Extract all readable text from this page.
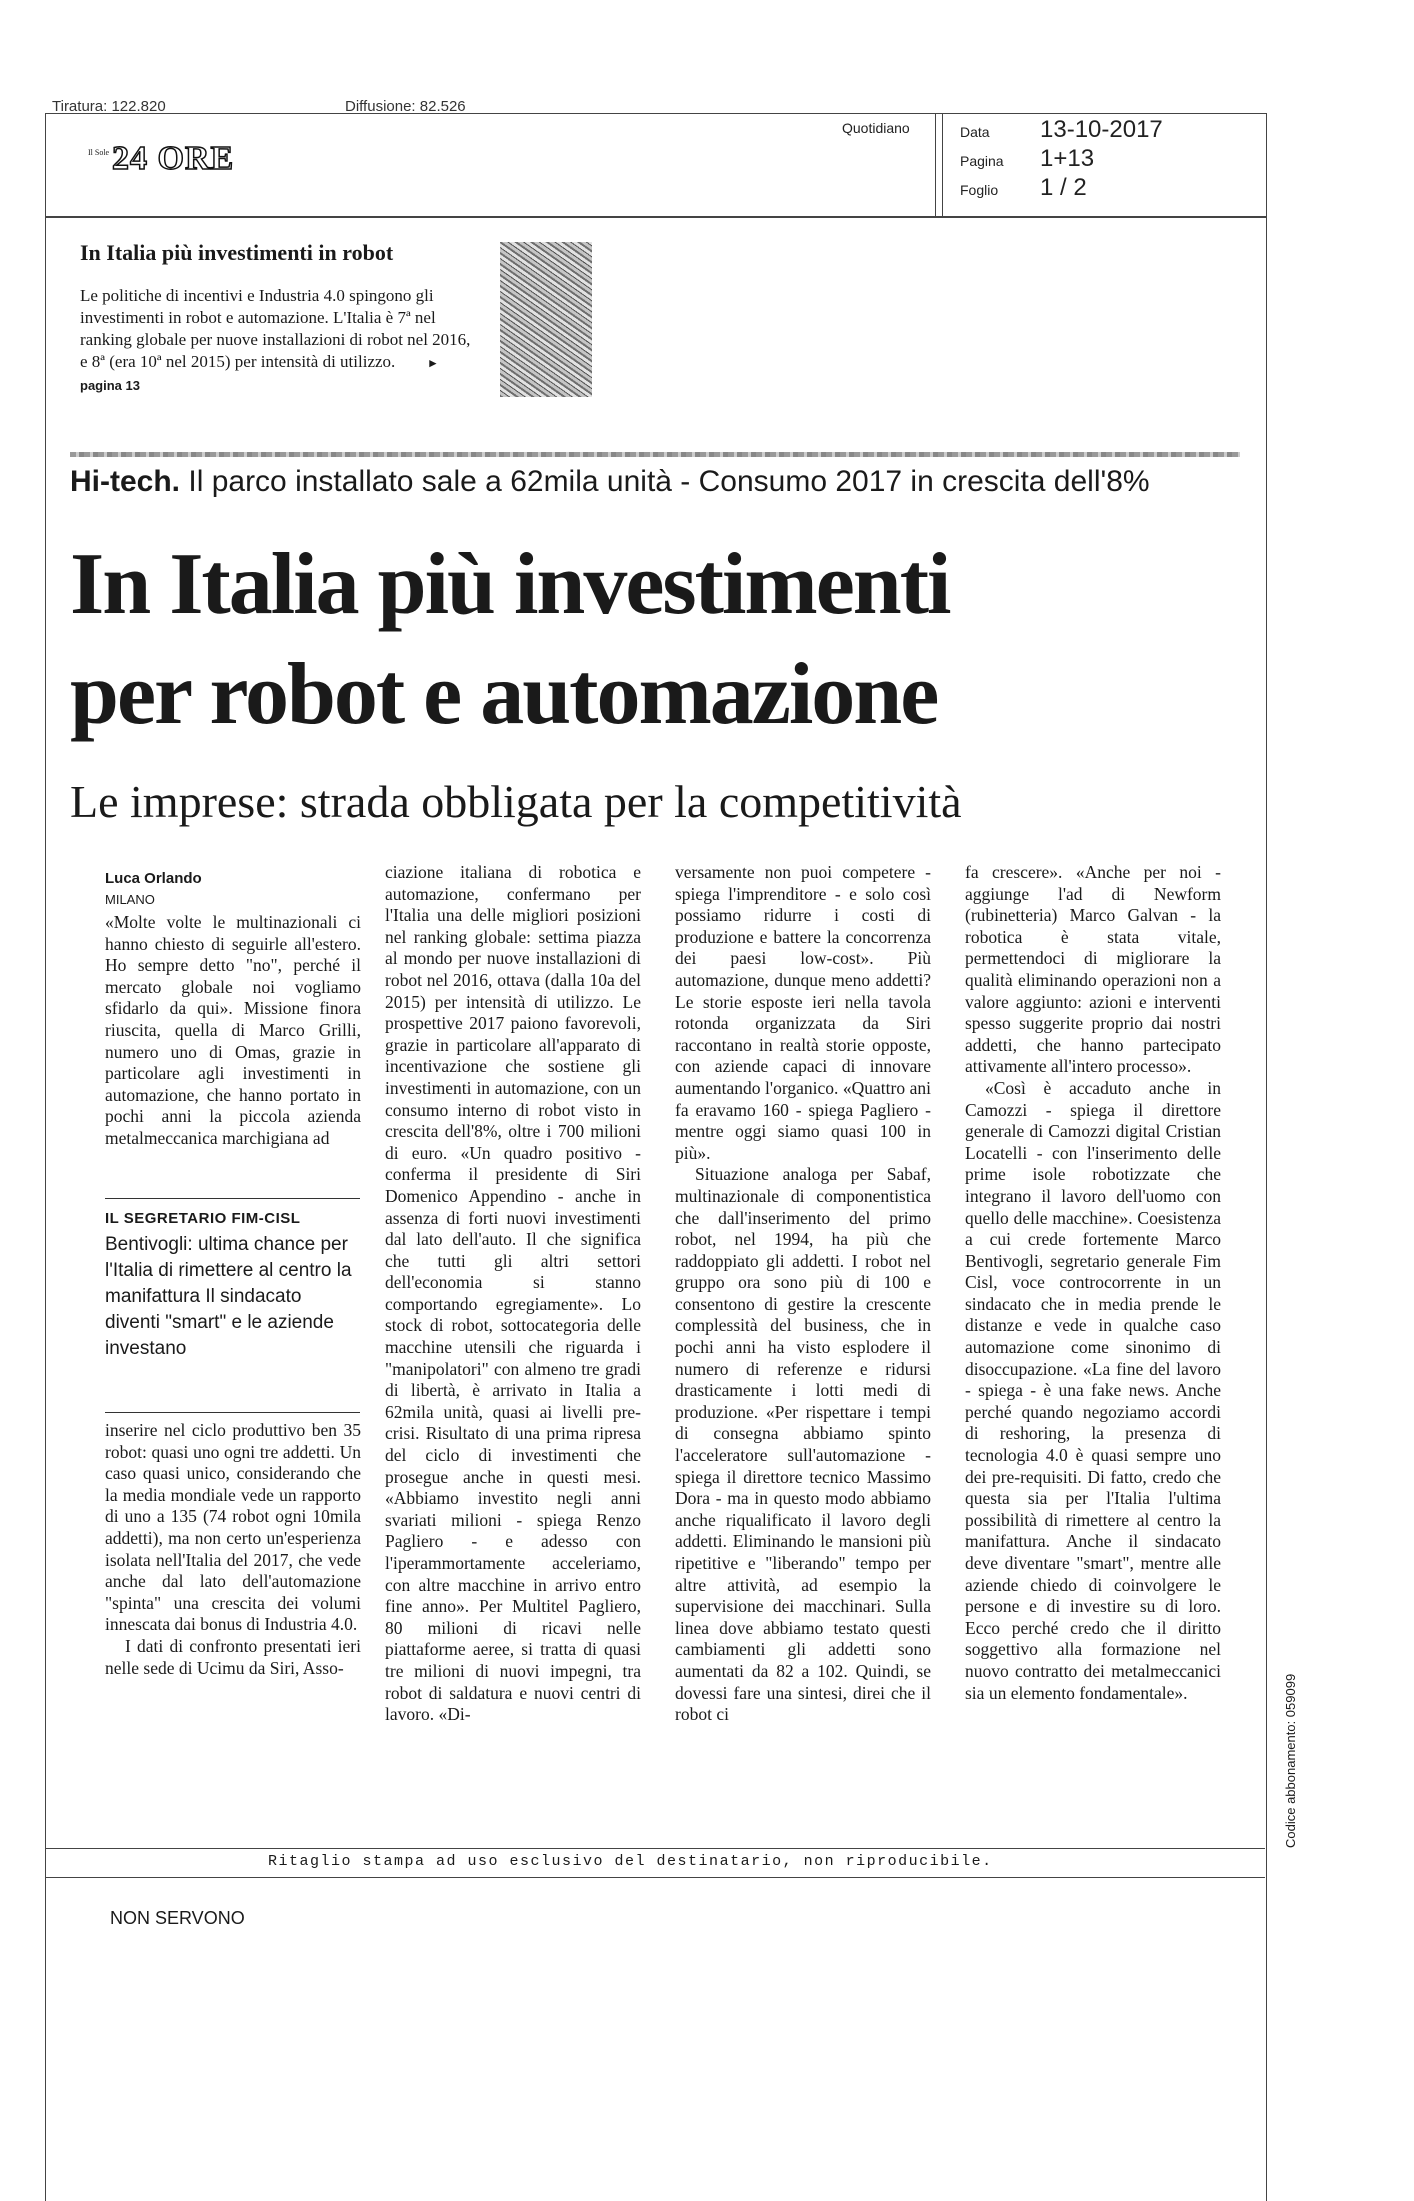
Tiratura: 122.820	Diffusione: 82.526
Il Sole 24 ORE
Quotidiano	Data 13-10-2017
Pagina 1+13
Foglio 1 / 2
In Italia più investimenti in robot
Le politiche di incentivi e Industria 4.0 spingono gli investimenti in robot e automazione. L'Italia è 7ª nel ranking globale per nuove installazioni di robot nel 2016, e 8ª (era 10ª nel 2015) per intensità di utilizzo.	▸ pagina 13
Hi-tech. Il parco installato sale a 62mila unità - Consumo 2017 in crescita dell'8%
In Italia più investimenti
per robot e automazione
Le imprese: strada obbligata per la competitività
Luca Orlando
MILANO

«Molte volte le multinazionali ci hanno chiesto di seguirle all'estero. Ho sempre detto "no", perché il mercato globale noi vogliamo sfidarlo da qui». Missione finora riuscita, quella di Marco Grilli, numero uno di Omas, grazie in particolare agli investimenti in automazione, che hanno portato in pochi anni la piccola azienda metalmeccanica marchigiana ad

IL SEGRETARIO FIM-CISL
Bentivogli: ultima chance per l'Italia di rimettere al centro la manifattura Il sindacato diventi "smart" e le aziende investano

inserire nel ciclo produttivo ben 35 robot: quasi uno ogni tre addetti. Un caso quasi unico, considerando che la media mondiale vede un rapporto di uno a 135 (74 robot ogni 10mila addetti), ma non certo un'esperienza isolata nell'Italia del 2017, che vede anche dal lato dell'automazione "spinta" una crescita dei volumi innescata dai bonus di Industria 4.0.

I dati di confronto presentati ieri nelle sede di Ucimu da Siri, Asso-

ciazione italiana di robotica e automazione, confermano per l'Italia una delle migliori posizioni nel ranking globale: settima piazza al mondo per nuove installazioni di robot nel 2016, ottava (dalla 10a del 2015) per intensità di utilizzo. Le prospettive 2017 paiono favorevoli, grazie in particolare all'apparato di incentivazione che sostiene gli investimenti in automazione, con un consumo interno di robot visto in crescita dell'8%, oltre i 700 milioni di euro. «Un quadro positivo - conferma il presidente di Siri Domenico Appendino - anche in assenza di forti nuovi investimenti dal lato dell'auto. Il che significa che tutti gli altri settori dell'economia si stanno comportando egregiamente». Lo stock di robot, sottocategoria delle macchine utensili che riguarda i "manipolatori" con almeno tre gradi di libertà, è arrivato in Italia a 62mila unità, quasi ai livelli pre-crisi. Risultato di una prima ripresa del ciclo di investimenti che prosegue anche in questi mesi. «Abbiamo investito negli anni svariati milioni - spiega Renzo Pagliero - e adesso con l'iperammortamente acceleriamo, con altre macchine in arrivo entro fine anno». Per Multitel Pagliero, 80 milioni di ricavi nelle piattaforme aeree, si tratta di quasi tre milioni di nuovi impegni, tra robot di saldatura e nuovi centri di lavoro. «Di-

versamente non puoi competere - spiega l'imprenditore - e solo così possiamo ridurre i costi di produzione e battere la concorrenza dei paesi low-cost». Più automazione, dunque meno addetti? Le storie esposte ieri nella tavola rotonda organizzata da Siri raccontano in realtà storie opposte, con aziende capaci di innovare aumentando l'organico. «Quattro ani fa eravamo 160 - spiega Pagliero - mentre oggi siamo quasi 100 in più».

Situazione analoga per Sabaf, multinazionale di componentistica che dall'inserimento del primo robot, nel 1994, ha più che raddoppiato gli addetti. I robot nel gruppo ora sono più di 100 e consentono di gestire la crescente complessità del business, che in pochi anni ha visto esplodere il numero di referenze e ridursi drasticamente i lotti medi di produzione. «Per rispettare i tempi di consegna abbiamo spinto l'acceleratore sull'automazione - spiega il direttore tecnico Massimo Dora - ma in questo modo abbiamo anche riqualificato il lavoro degli addetti. Eliminando le mansioni più ripetitive e "liberando" tempo per altre attività, ad esempio la supervisione dei macchinari. Sulla linea dove abbiamo testato questi cambiamenti gli addetti sono aumentati da 82 a 102. Quindi, se dovessi fare una sintesi, direi che il robot ci

fa crescere». «Anche per noi - aggiunge l'ad di Newform (rubinetteria) Marco Galvan - la robotica è stata vitale, permettendoci di migliorare la qualità eliminando operazioni non a valore aggiunto: azioni e interventi spesso suggerite proprio dai nostri addetti, che hanno partecipato attivamente all'intero processo».

«Così è accaduto anche in Camozzi - spiega il direttore generale di Camozzi digital Cristian Locatelli - con l'inserimento delle prime isole robotizzate che integrano il lavoro dell'uomo con quello delle macchine». Coesistenza a cui crede fortemente Marco Bentivogli, segretario generale Fim Cisl, voce controcorrente in un sindacato che in media prende le distanze e vede in qualche caso automazione come sinonimo di disoccupazione. «La fine del lavoro - spiega - è una fake news. Anche perché quando negoziamo accordi di reshoring, la presenza di tecnologia 4.0 è quasi sempre uno dei pre-requisiti. Di fatto, credo che questa sia per l'Italia l'ultima possibilità di rimettere al centro la manifattura. Anche il sindacato deve diventare "smart", mentre alle aziende chiedo di coinvolgere le persone e di investire su di loro. Ecco perché credo che il diritto soggettivo alla formazione nel nuovo contratto dei metalmeccanici sia un elemento fondamentale».

Ritaglio stampa ad uso esclusivo del destinatario, non riproducibile.
Codice abbonamento: 059099
NON SERVONO
